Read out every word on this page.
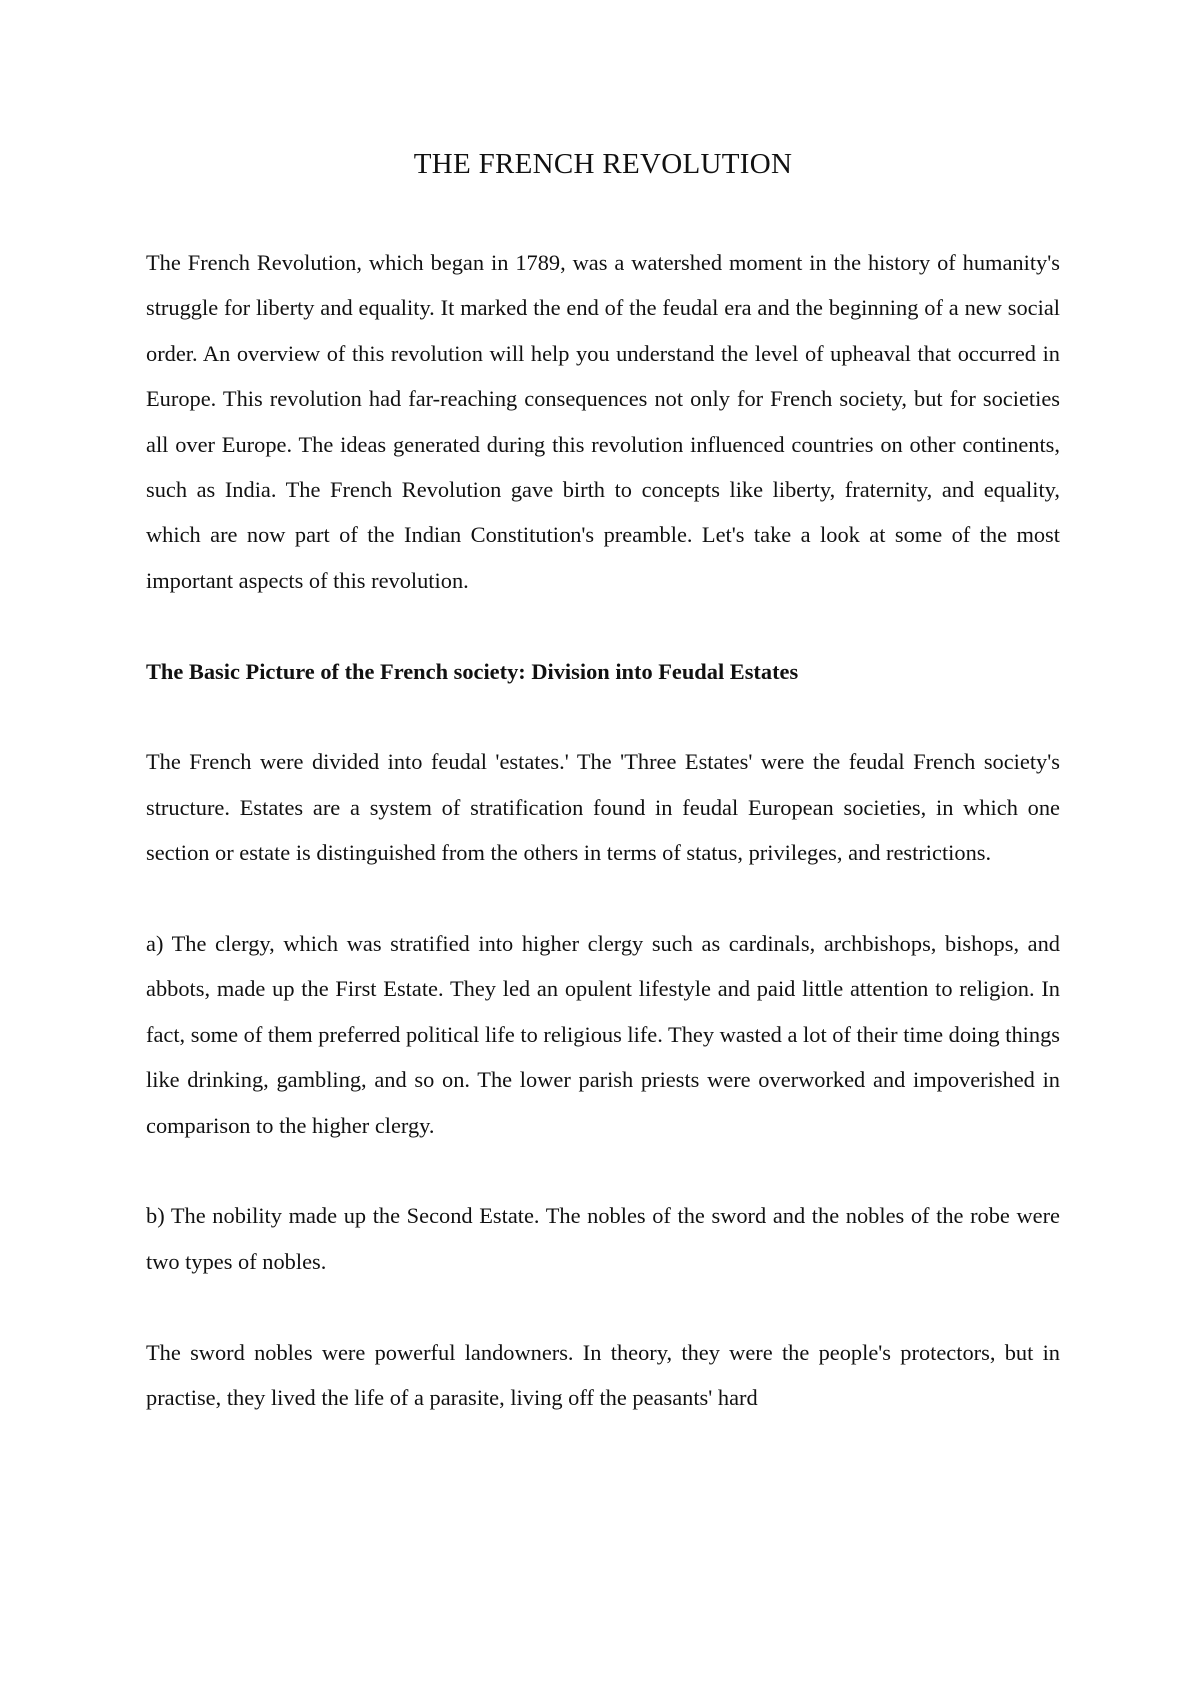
THE FRENCH REVOLUTION

The French Revolution, which began in 1789, was a watershed moment in the history of humanity's struggle for liberty and equality. It marked the end of the feudal era and the beginning of a new social order. An overview of this revolution will help you understand the level of upheaval that occurred in Europe. This revolution had far-reaching consequences not only for French society, but for societies all over Europe. The ideas generated during this revolution influenced countries on other continents, such as India. The French Revolution gave birth to concepts like liberty, fraternity, and equality, which are now part of the Indian Constitution's preamble. Let's take a look at some of the most important aspects of this revolution.

The Basic Picture of the French society: Division into Feudal Estates

The French were divided into feudal 'estates.' The 'Three Estates' were the feudal French society's structure. Estates are a system of stratification found in feudal European societies, in which one section or estate is distinguished from the others in terms of status, privileges, and restrictions.

a) The clergy, which was stratified into higher clergy such as cardinals, archbishops, bishops, and abbots, made up the First Estate. They led an opulent lifestyle and paid little attention to religion. In fact, some of them preferred political life to religious life. They wasted a lot of their time doing things like drinking, gambling, and so on. The lower parish priests were overworked and impoverished in comparison to the higher clergy.

b) The nobility made up the Second Estate. The nobles of the sword and the nobles of the robe were two types of nobles.

The sword nobles were powerful landowners. In theory, they were the people's protectors, but in practise, they lived the life of a parasite, living off the peasants' hard
